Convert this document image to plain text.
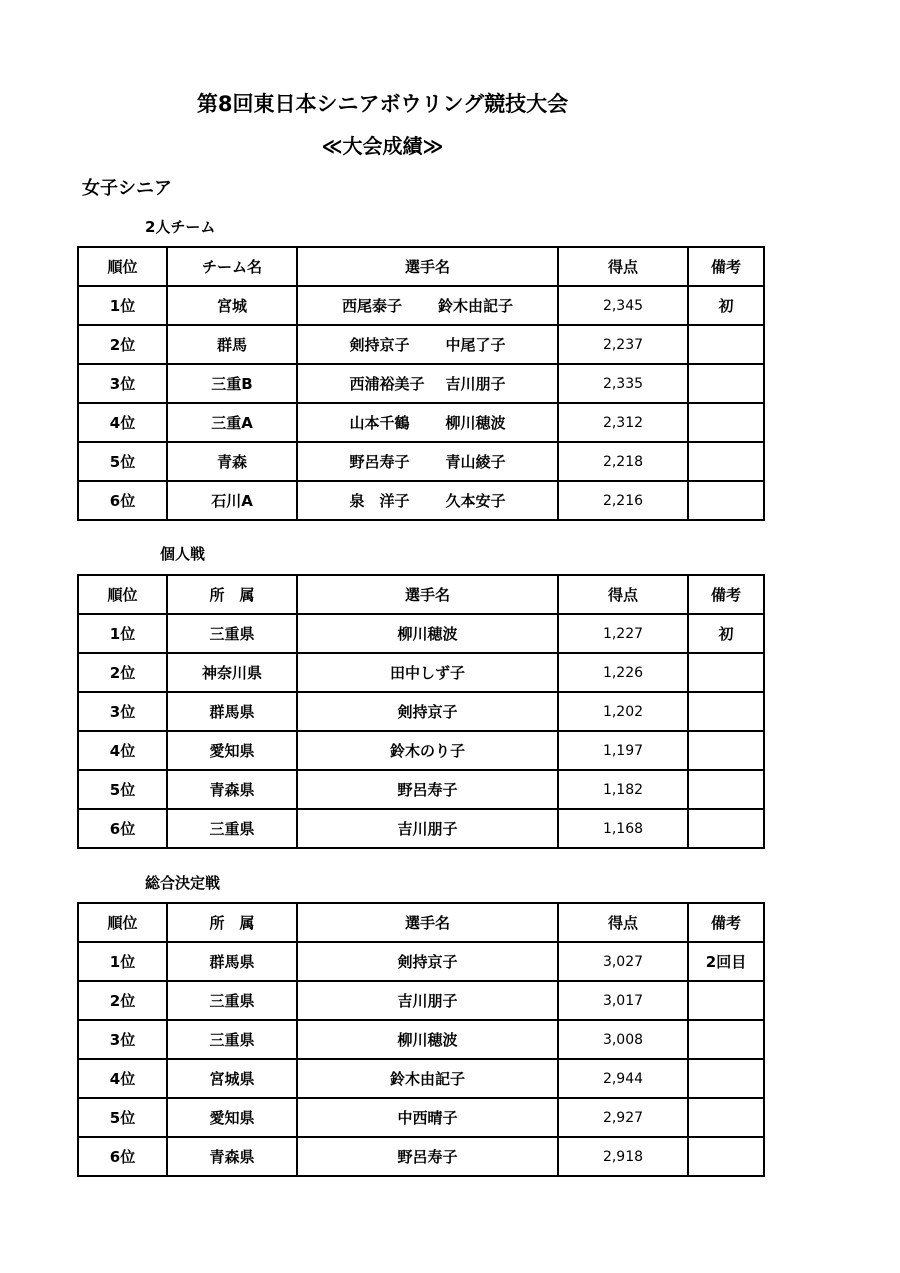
第8回東日本シニアボウリング競技大会
≪大会成績≫
女子シニア
2人チーム
順位	チーム名	選手名	得点	備考
1位	宮城	西尾泰子 鈴木由記子	2,345	初
2位	群馬	剣持京子 中尾了子	2,237	
3位	三重B	西浦裕美子 吉川朋子	2,335	
4位	三重A	山本千鶴 柳川穂波	2,312	
5位	青森	野呂寿子 青山綾子	2,218	
6位	石川A	泉　洋子 久本安子	2,216	
個人戦
順位	所　属	選手名	得点	備考
1位	三重県	柳川穂波	1,227	初
2位	神奈川県	田中しず子	1,226	
3位	群馬県	剣持京子	1,202	
4位	愛知県	鈴木のり子	1,197	
5位	青森県	野呂寿子	1,182	
6位	三重県	吉川朋子	1,168	
総合決定戦
順位	所　属	選手名	得点	備考
1位	群馬県	剣持京子	3,027	2回目
2位	三重県	吉川朋子	3,017	
3位	三重県	柳川穂波	3,008	
4位	宮城県	鈴木由記子	2,944	
5位	愛知県	中西晴子	2,927	
6位	青森県	野呂寿子	2,918	
